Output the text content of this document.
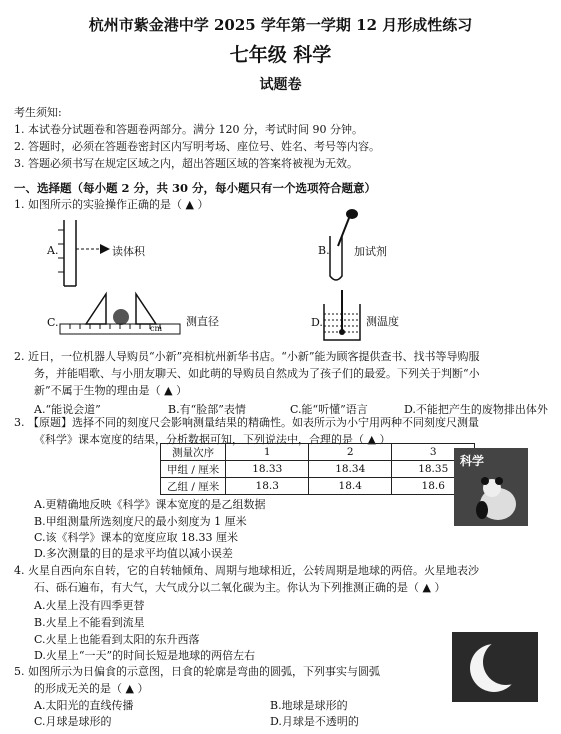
杭州市紫金港中学 2025 学年第一学期 12 月形成性练习
七年级 科学
试题卷
考生须知:
1. 本试卷分试题卷和答题卷两部分。满分 120 分，考试时间 90 分钟。
2. 答题时，必须在答题卷密封区内写明考场、座位号、姓名、考号等内容。
3. 答题必须书写在规定区域之内，超出答题区域的答案将被视为无效。
一、选择题（每小题 2 分，共 30 分，每小题只有一个选项符合题意）
1. 如图所示的实验操作正确的是（ ▲ ）
A.	读体积	B. 加试剂
C.	cm
测直径	D.	测温度
2. 近日，一位机器人导购员“小新”亮相杭州新华书店。“小新”能为顾客提供查书、找书等导购服
务，并能唱歌、与小朋友聊天、如此萌的导购员自然成为了孩子们的最爱。下列关于判断“小
新”不属于生物的理由是（ ▲ ）
A.“能说会道”	B.有“脸部”表情	C.能“听懂”语言	D.不能把产生的废物排出体外
3. 【原题】选择不同的刻度尺会影响测量结果的精确性。如表所示为小宁用两种不同刻度尺测量
《科学》课本宽度的结果，分析数据可知，下列说法中，合理的是（ ▲ ）
测量次序	1	2	3
甲组 / 厘米	18.33	18.34	18.35
乙组 / 厘米	18.3	18.4	18.6
科学
A.更精确地反映《科学》课本宽度的是乙组数据
B.甲组测量所选刻度尺的最小刻度为 1 厘米
C.该《科学》课本的宽度应取 18.33 厘米
D.多次测量的目的是求平均值以减小误差
4. 火星自西向东自转，它的自转轴倾角、周期与地球相近，公转周期是地球的两倍。火星地表沙
石、砾石遍布，有大气，大气成分以二氧化碳为主。你认为下列推测正确的是（ ▲ ）
A.火星上没有四季更替
B.火星上不能看到流星
C.火星上也能看到太阳的东升西落
D.火星上“一天”的时间长短是地球的两倍左右
5. 如图所示为日偏食的示意图，日食的轮廓是弯曲的圆弧，下列事实与圆弧
的形成无关的是（ ▲ ）
A.太阳光的直线传播	B.地球是球形的
C.月球是球形的	D.月球是不透明的
